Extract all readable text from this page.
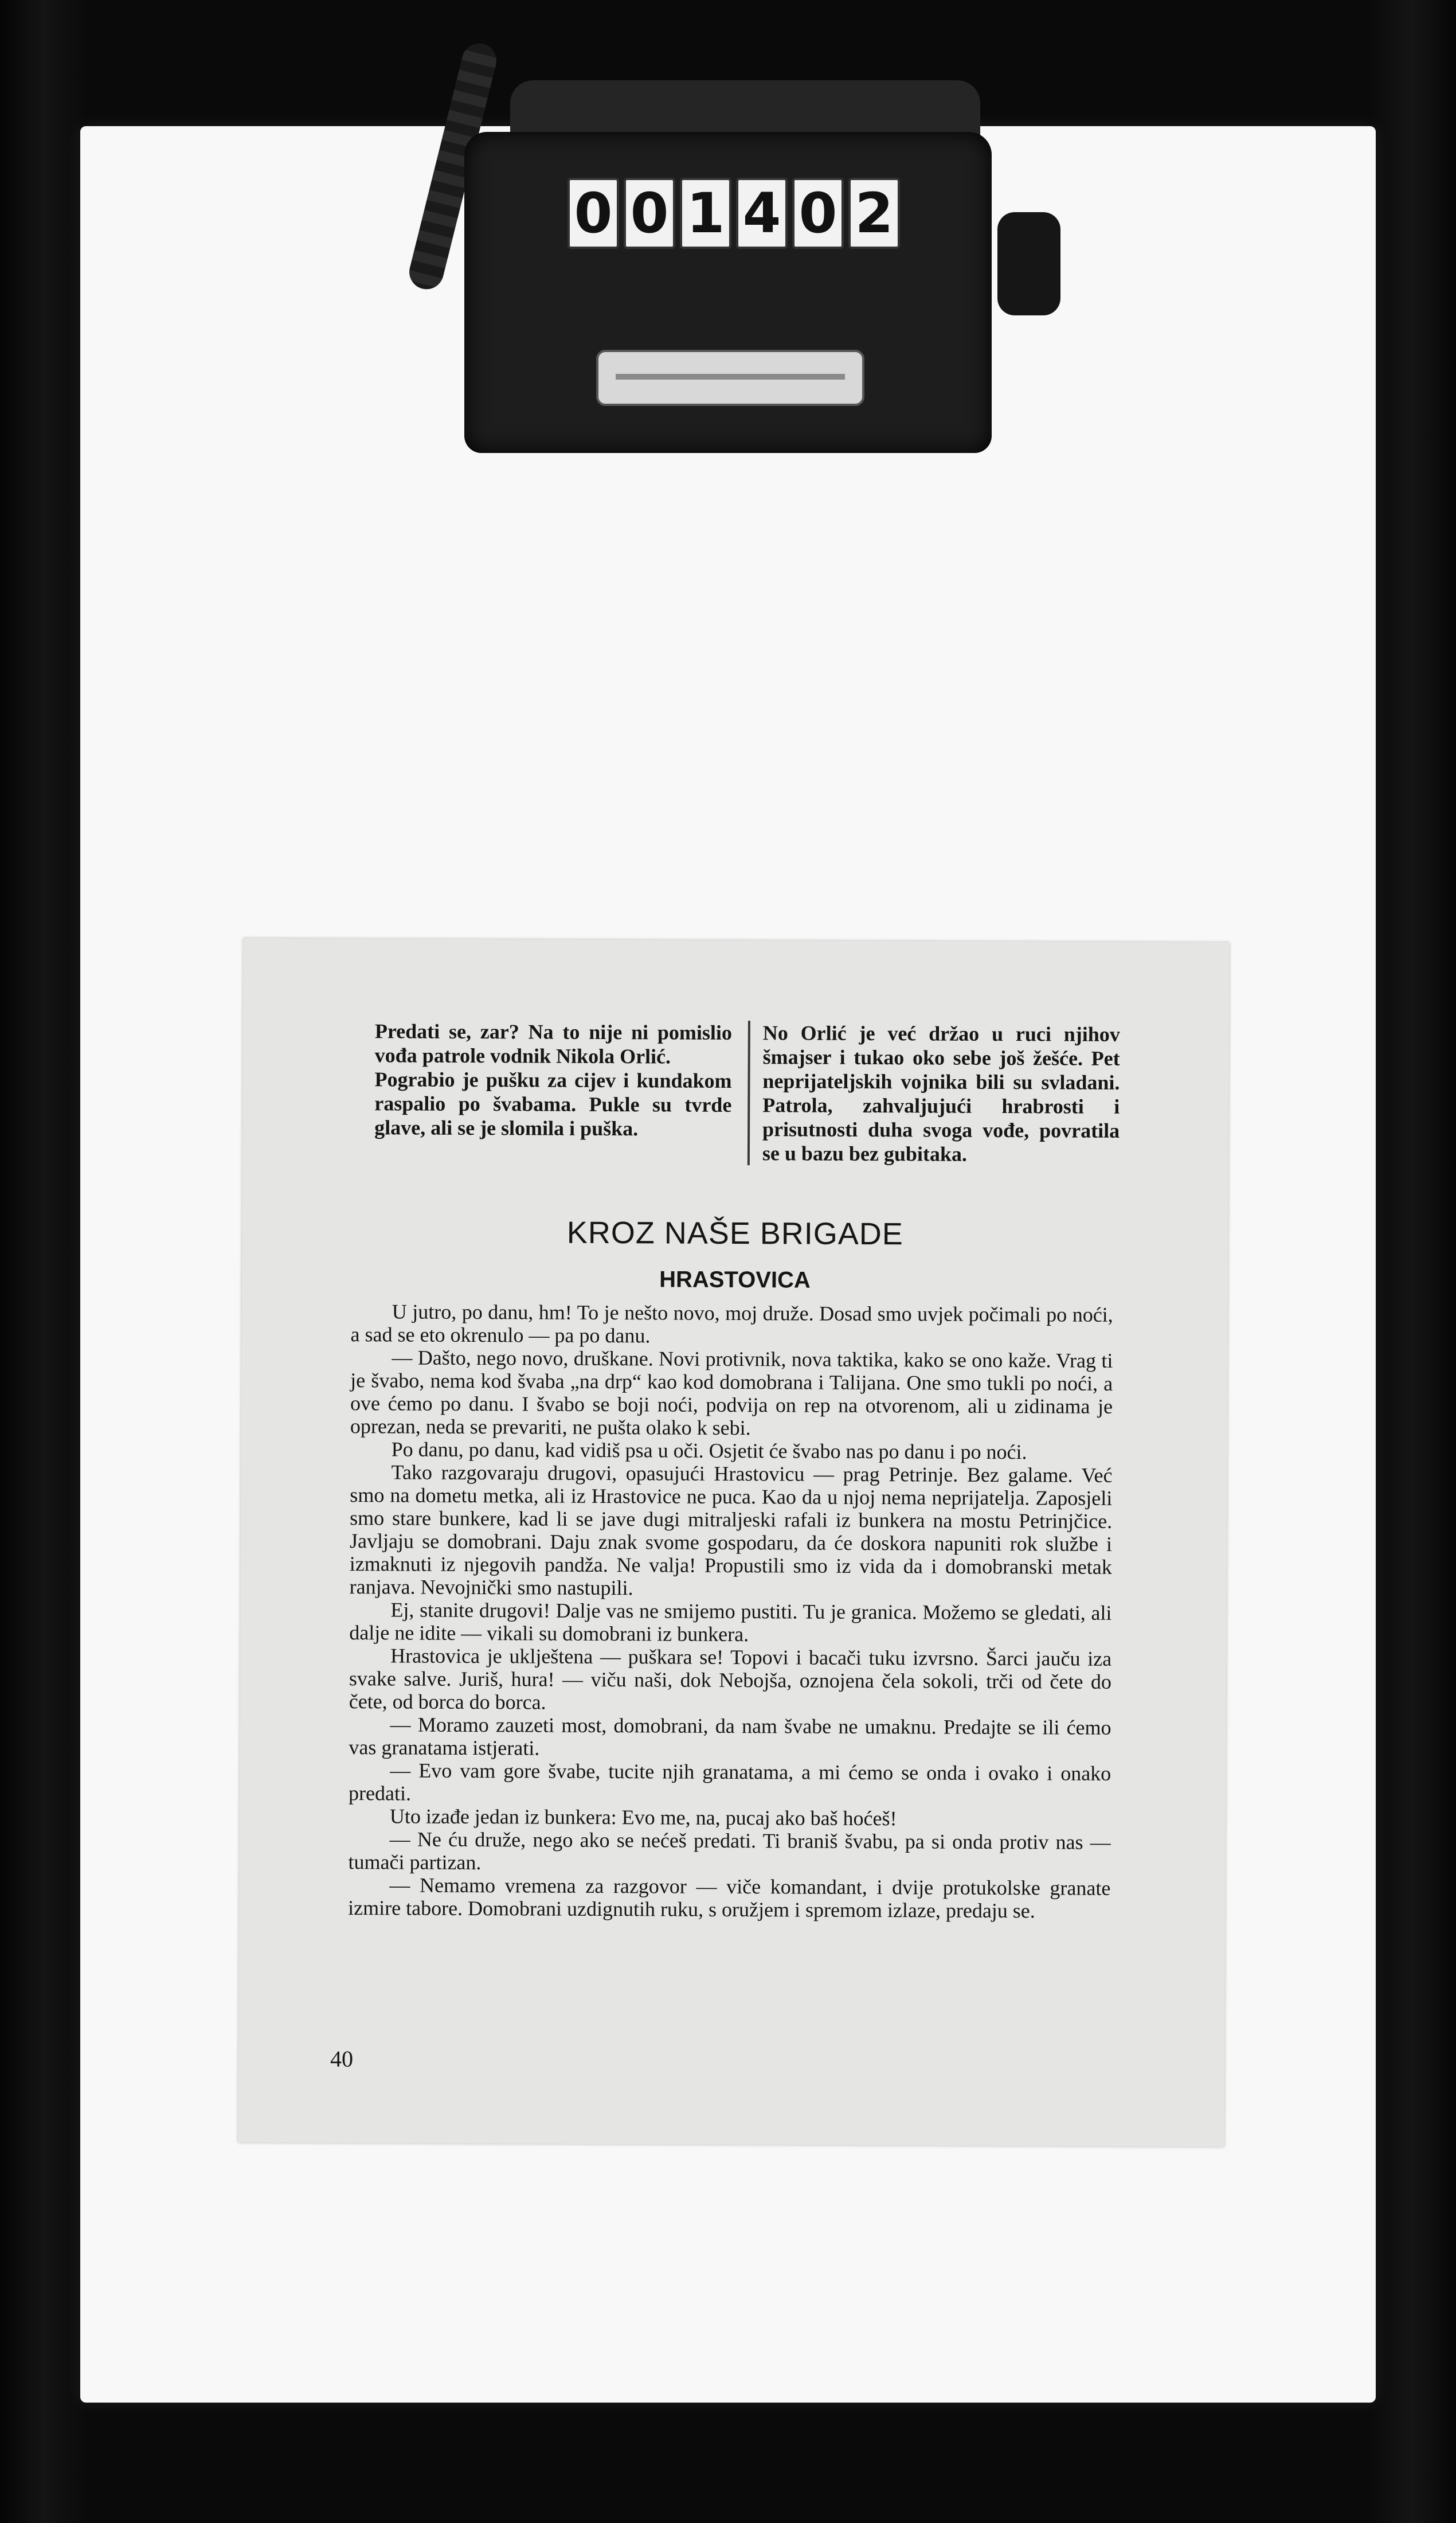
0 0 1 4 0 2

Predati se, zar? Na to nije ni pomislio vođa patrole vodnik Nikola Orlić.

Pograbio je pušku za cijev i kundakom raspalio po švabama. Pukle su tvrde glave, ali se je slomila i puška.

No Orlić je već držao u ruci njihov šmajser i tukao oko sebe još žešće. Pet neprijateljskih vojnika bili su svladani. Patrola, zahvaljujući hrabrosti i prisutnosti duha svoga vođe, povratila se u bazu bez gubitaka.

KROZ NAŠE BRIGADE
HRASTOVICA

U jutro, po danu, hm! To je nešto novo, moj druže. Dosad smo uvjek počimali po noći, a sad se eto okrenulo — pa po danu.

— Dašto, nego novo, druškane. Novi protivnik, nova taktika, kako se ono kaže. Vrag ti je švabo, nema kod švaba „na drp“ kao kod domobrana i Talijana. One smo tukli po noći, a ove ćemo po danu. I švabo se boji noći, podvija on rep na otvorenom, ali u zidinama je oprezan, neda se prevariti, ne pušta olako k sebi.

Po danu, po danu, kad vidiš psa u oči. Osjetit će švabo nas po danu i po noći.

Tako razgovaraju drugovi, opasujući Hrastovicu — prag Petrinje. Bez galame. Već smo na dometu metka, ali iz Hrastovice ne puca. Kao da u njoj nema neprijatelja. Zaposjeli smo stare bunkere, kad li se jave dugi mitraljeski rafali iz bunkera na mostu Petrinjčice. Javljaju se domobrani. Daju znak svome gospodaru, da će doskora napuniti rok službe i izmaknuti iz njegovih pandža. Ne valja! Propustili smo iz vida da i domobranski metak ranjava. Nevojnički smo nastupili.

Ej, stanite drugovi! Dalje vas ne smijemo pustiti. Tu je granica. Možemo se gledati, ali dalje ne idite — vikali su domobrani iz bunkera.

Hrastovica je uklještena — puškara se! Topovi i bacači tuku izvrsno. Šarci jauču iza svake salve. Juriš, hura! — viču naši, dok Nebojša, oznojena čela sokoli, trči od čete do čete, od borca do borca.

— Moramo zauzeti most, domobrani, da nam švabe ne umaknu. Predajte se ili ćemo vas granatama istjerati.

— Evo vam gore švabe, tucite njih granatama, a mi ćemo se onda i ovako i onako predati.

Uto izađe jedan iz bunkera: Evo me, na, pucaj ako baš hoćeš!

— Ne ću druže, nego ako se nećeš predati. Ti braniš švabu, pa si onda protiv nas — tumači partizan.

— Nemamo vremena za razgovor — viče komandant, i dvije protukolske granate izmire tabore. Domobrani uzdignutih ruku, s oružjem i spremom izlaze, predaju se.

40
